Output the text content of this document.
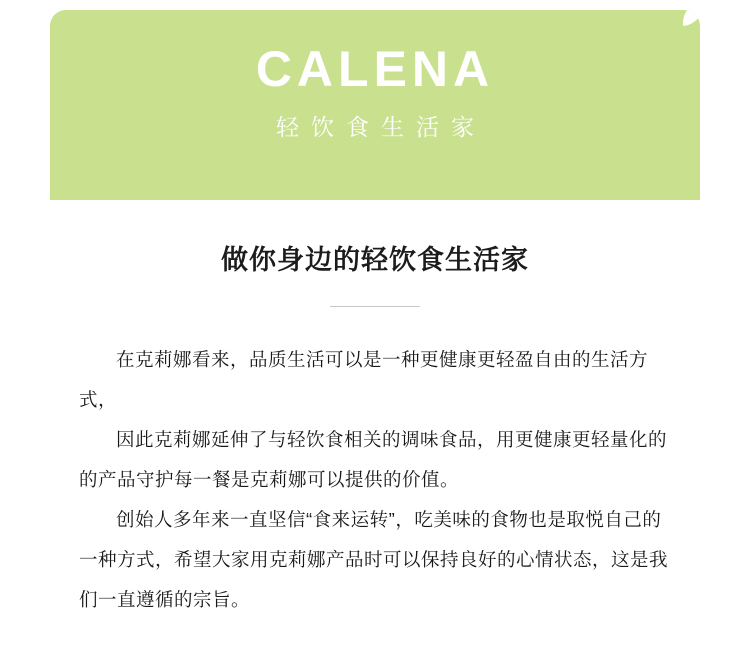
CALENA
轻饮食生活家
做你身边的轻饮食生活家

在克莉娜看来，品质生活可以是一种更健康更轻盈自由的生活方式，

因此克莉娜延伸了与轻饮食相关的调味食品，用更健康更轻量化的的产品守护每一餐是克莉娜可以提供的价值。

创始人多年来一直坚信“食来运转”，吃美味的食物也是取悦自己的一种方式，希望大家用克莉娜产品时可以保持良好的心情状态，这是我们一直遵循的宗旨。
